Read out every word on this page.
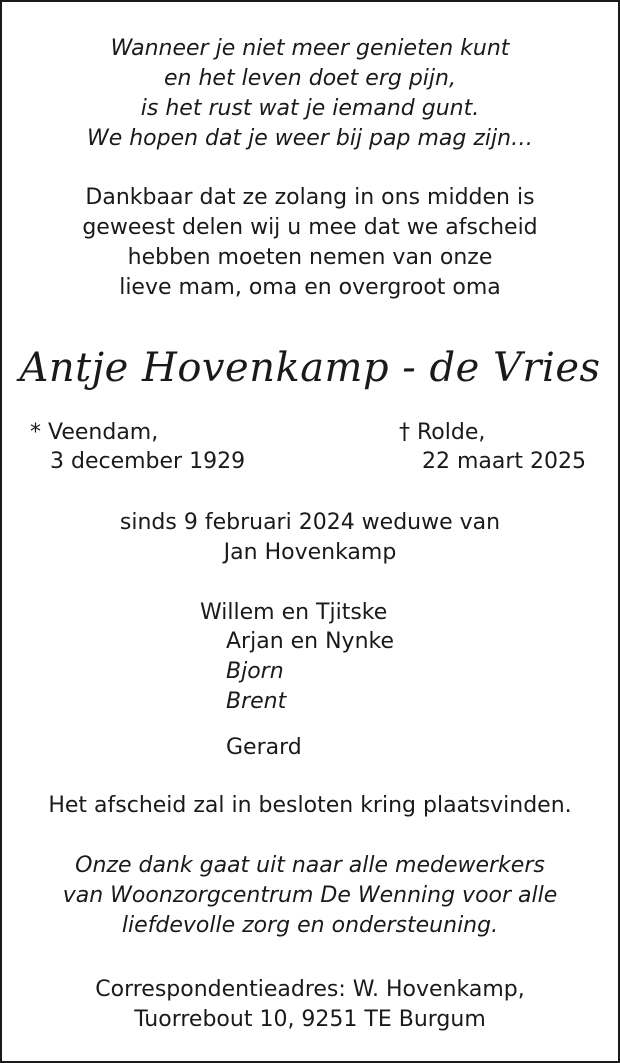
Wanneer je niet meer genieten kunt
en het leven doet erg pijn,
is het rust wat je iemand gunt.
We hopen dat je weer bij pap mag zijn…
Dankbaar dat ze zolang in ons midden is
geweest delen wij u mee dat we afscheid
hebben moeten nemen van onze
lieve mam, oma en overgroot oma
Antje Hovenkamp - de Vries
* Veendam,
3 december 1929
† Rolde,
22 maart 2025
sinds 9 februari 2024 weduwe van
Jan Hovenkamp
Willem en Tjitske
Arjan en Nynke
Bjorn
Brent
Gerard
Het afscheid zal in besloten kring plaatsvinden.
Onze dank gaat uit naar alle medewerkers
van Woonzorgcentrum De Wenning voor alle
liefdevolle zorg en ondersteuning.
Correspondentieadres: W. Hovenkamp,
Tuorrebout 10, 9251 TE Burgum
